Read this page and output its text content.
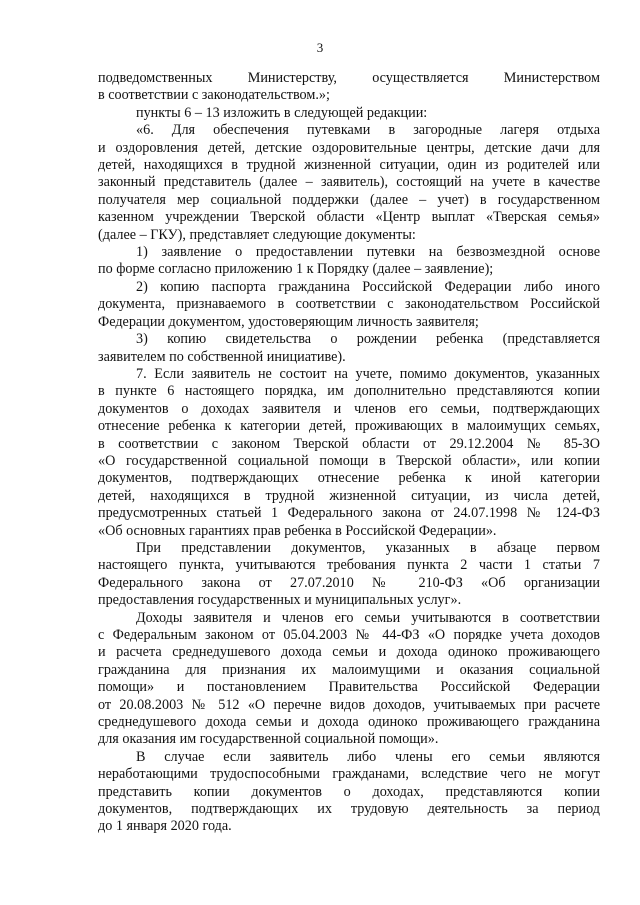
3
подведомственных Министерству, осуществляется Министерством
в соответствии с законодательством.»;
пункты 6 – 13 изложить в следующей редакции:
«6. Для обеспечения путевками в загородные лагеря отдыха
и оздоровления детей, детские оздоровительные центры, детские дачи для
детей, находящихся в трудной жизненной ситуации, один из родителей или
законный представитель (далее – заявитель), состоящий на учете в качестве
получателя мер социальной поддержки (далее – учет) в государственном
казенном учреждении Тверской области «Центр выплат «Тверская семья»
(далее – ГКУ), представляет следующие документы:
1) заявление о предоставлении путевки на безвозмездной основе
по форме согласно приложению 1 к Порядку (далее – заявление);
2) копию паспорта гражданина Российской Федерации либо иного
документа, признаваемого в соответствии с законодательством Российской
Федерации документом, удостоверяющим личность заявителя;
3) копию свидетельства о рождении ребенка (представляется
заявителем по собственной инициативе).
7. Если заявитель не состоит на учете, помимо документов, указанных
в пункте 6 настоящего порядка, им дополнительно представляются копии
документов о доходах заявителя и членов его семьи, подтверждающих
отнесение ребенка к категории детей, проживающих в малоимущих семьях,
в соответствии с законом Тверской области от 29.12.2004 № 85-ЗО
«О государственной социальной помощи в Тверской области», или копии
документов, подтверждающих отнесение ребенка к иной категории
детей, находящихся в трудной жизненной ситуации, из числа детей,
предусмотренных статьей 1 Федерального закона от 24.07.1998 № 124-ФЗ
«Об основных гарантиях прав ребенка в Российской Федерации».
При представлении документов, указанных в абзаце первом
настоящего пункта, учитываются требования пункта 2 части 1 статьи 7
Федерального закона от 27.07.2010 № 210-ФЗ «Об организации
предоставления государственных и муниципальных услуг».
Доходы заявителя и членов его семьи учитываются в соответствии
с Федеральным законом от 05.04.2003 № 44-ФЗ «О порядке учета доходов
и расчета среднедушевого дохода семьи и дохода одиноко проживающего
гражданина для признания их малоимущими и оказания социальной
помощи» и постановлением Правительства Российской Федерации
от 20.08.2003 № 512 «О перечне видов доходов, учитываемых при расчете
среднедушевого дохода семьи и дохода одиноко проживающего гражданина
для оказания им государственной социальной помощи».
В случае если заявитель либо члены его семьи являются
неработающими трудоспособными гражданами, вследствие чего не могут
представить копии документов о доходах, представляются копии
документов, подтверждающих их трудовую деятельность за период
до 1 января 2020 года.
